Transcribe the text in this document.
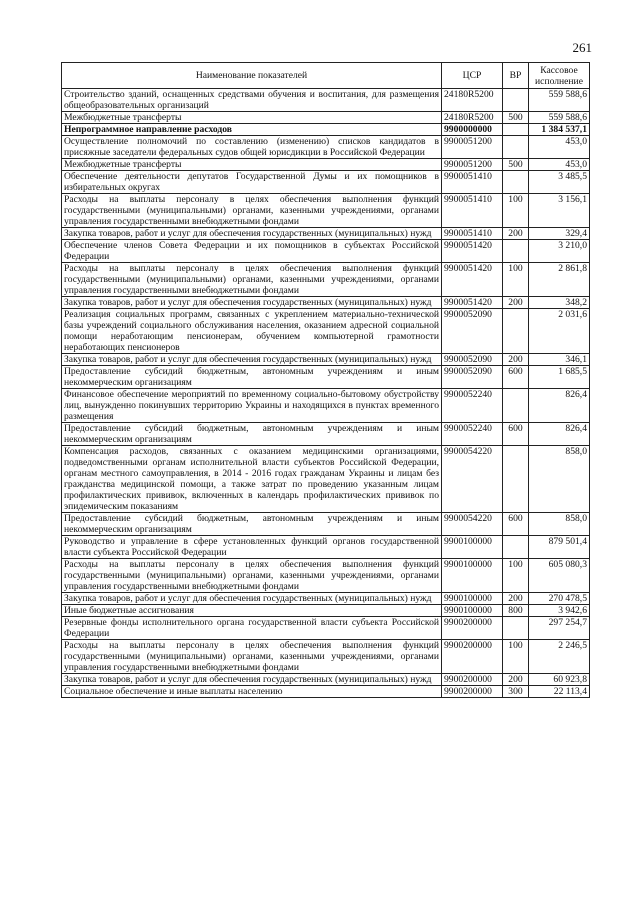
261
Наименование показателей	ЦСР	ВР	Кассовое исполнение
Строительство зданий, оснащенных средствами обучения и воспитания, для размещения общеобразовательных организаций	24180R5200		559 588,6
Межбюджетные трансферты	24180R5200	500	559 588,6
Непрограммное направление расходов	9900000000		1 384 537,1
Осуществление полномочий по составлению (изменению) списков кандидатов в присяжные заседатели федеральных судов общей юрисдикции в Российской Федерации	9900051200		453,0
Межбюджетные трансферты	9900051200	500	453,0
Обеспечение деятельности депутатов Государственной Думы и их помощников в избирательных округах	9900051410		3 485,5
Расходы на выплаты персоналу в целях обеспечения выполнения функций государственными (муниципальными) органами, казенными учреждениями, органами управления государственными внебюджетными фондами	9900051410	100	3 156,1
Закупка товаров, работ и услуг для обеспечения государственных (муниципальных) нужд	9900051410	200	329,4
Обеспечение членов Совета Федерации и их помощников в субъектах Российской Федерации	9900051420		3 210,0
Расходы на выплаты персоналу в целях обеспечения выполнения функций государственными (муниципальными) органами, казенными учреждениями, органами управления государственными внебюджетными фондами	9900051420	100	2 861,8
Закупка товаров, работ и услуг для обеспечения государственных (муниципальных) нужд	9900051420	200	348,2
Реализация социальных программ, связанных с укреплением материально-технической базы учреждений социального обслуживания населения, оказанием адресной социальной помощи неработающим пенсионерам, обучением компьютерной грамотности неработающих пенсионеров	9900052090		2 031,6
Закупка товаров, работ и услуг для обеспечения государственных (муниципальных) нужд	9900052090	200	346,1
Предоставление субсидий бюджетным, автономным учреждениям и иным некоммерческим организациям	9900052090	600	1 685,5
Финансовое обеспечение мероприятий по временному социально-бытовому обустройству лиц, вынужденно покинувших территорию Украины и находящихся в пунктах временного размещения	9900052240		826,4
Предоставление субсидий бюджетным, автономным учреждениям и иным некоммерческим организациям	9900052240	600	826,4
Компенсация расходов, связанных с оказанием медицинскими организациями, подведомственными органам исполнительной власти субъектов Российской Федерации, органам местного самоуправления, в 2014 - 2016 годах гражданам Украины и лицам без гражданства медицинской помощи, а также затрат по проведению указанным лицам профилактических прививок, включенных в календарь профилактических прививок по эпидемическим показаниям	9900054220		858,0
Предоставление субсидий бюджетным, автономным учреждениям и иным некоммерческим организациям	9900054220	600	858,0
Руководство и управление в сфере установленных функций органов государственной власти субъекта Российской Федерации	9900100000		879 501,4
Расходы на выплаты персоналу в целях обеспечения выполнения функций государственными (муниципальными) органами, казенными учреждениями, органами управления государственными внебюджетными фондами	9900100000	100	605 080,3
Закупка товаров, работ и услуг для обеспечения государственных (муниципальных) нужд	9900100000	200	270 478,5
Иные бюджетные ассигнования	9900100000	800	3 942,6
Резервные фонды исполнительного органа государственной власти субъекта Российской Федерации	9900200000		297 254,7
Расходы на выплаты персоналу в целях обеспечения выполнения функций государственными (муниципальными) органами, казенными учреждениями, органами управления государственными внебюджетными фондами	9900200000	100	2 246,5
Закупка товаров, работ и услуг для обеспечения государственных (муниципальных) нужд	9900200000	200	60 923,8
Социальное обеспечение и иные выплаты населению	9900200000	300	22 113,4
